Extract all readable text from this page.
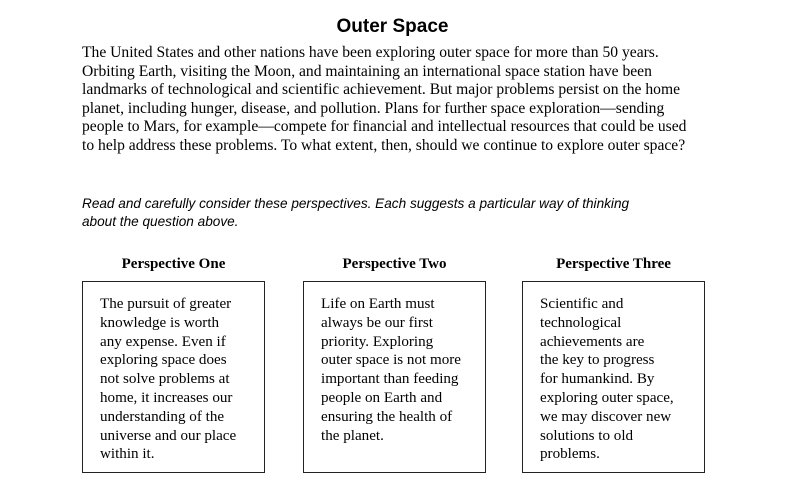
Outer Space
The United States and other nations have been exploring outer space for more than 50 years.
Orbiting Earth, visiting the Moon, and maintaining an international space station have been
landmarks of technological and scientific achievement. But major problems persist on the home
planet, including hunger, disease, and pollution. Plans for further space exploration—sending
people to Mars, for example—compete for financial and intellectual resources that could be used
to help address these problems. To what extent, then, should we continue to explore outer space?
Read and carefully consider these perspectives. Each suggests a particular way of thinking
about the question above.
Perspective One	Perspective Two	Perspective Three
The pursuit of greater
knowledge is worth
any expense. Even if
exploring space does
not solve problems at
home, it increases our
understanding of the
universe and our place
within it.
Life on Earth must
always be our first
priority. Exploring
outer space is not more
important than feeding
people on Earth and
ensuring the health of
the planet.
Scientific and
technological
achievements are
the key to progress
for humankind. By
exploring outer space,
we may discover new
solutions to old
problems.
